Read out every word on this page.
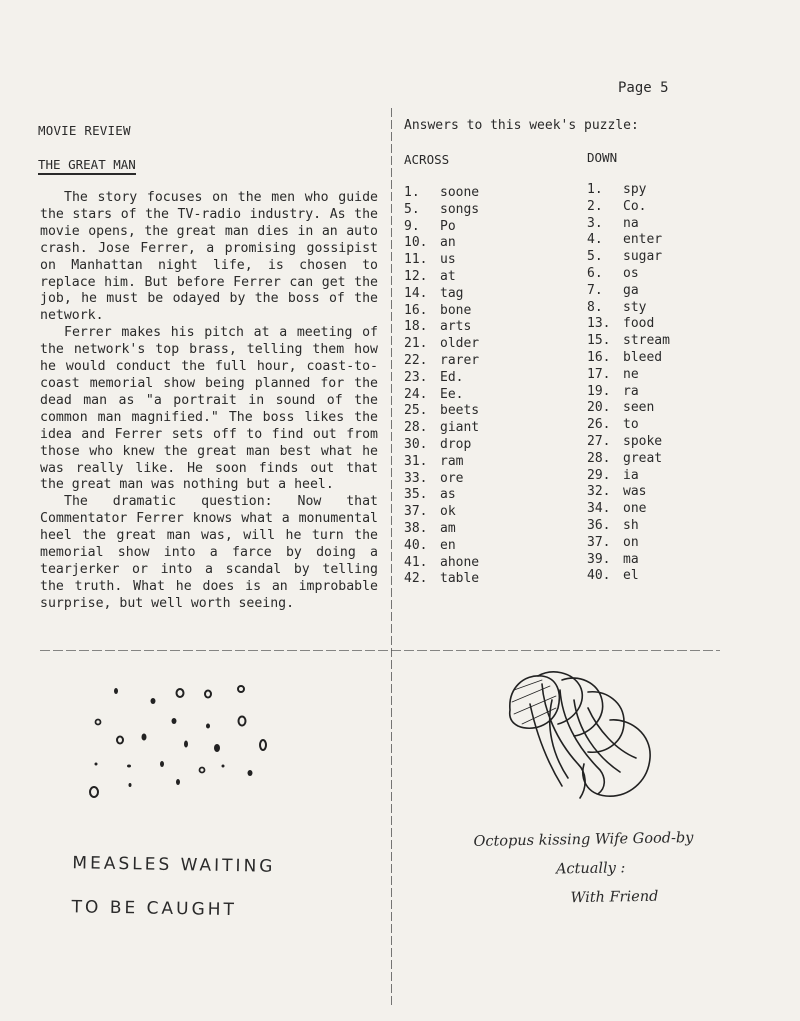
Page 5
MOVIE REVIEW
THE GREAT MAN

The story focuses on the men who guide the stars of the TV-radio industry. As the movie opens, the great man dies in an auto crash. Jose Ferrer, a promising gossipist on Manhattan night life, is chosen to replace him. But before Ferrer can get the job, he must be odayed by the boss of the network.

Ferrer makes his pitch at a meeting of the network's top brass, telling them how he would conduct the full hour, coast-to-coast memorial show being planned for the dead man as "a portrait in sound of the common man magnified." The boss likes the idea and Ferrer sets off to find out from those who knew the great man best what he was really like. He soon finds out that the great man was nothing but a heel.

The dramatic question: Now that Commentator Ferrer knows what a monumental heel the great man was, will he turn the memorial show into a farce by doing a tearjerker or into a scandal by telling the truth. What he does is an improbable surprise, but well worth seeing.

Answers to this week's puzzle:
ACROSS	DOWN
1. soone
5. songs
9. Po
10. an
11. us
12. at
14. tag
16. bone
18. arts
21. older
22. rarer
23. Ed.
24. Ee.
25. beets
28. giant
30. drop
31. ram
33. ore
35. as
37. ok
38. am
40. en
41. ahone
42. table
1. spy
2. Co.
3. na
4. enter
5. sugar
6. os
7. ga
8. sty
13. food
15. stream
16. bleed
17. ne
19. ra
20. seen
26. to
27. spoke
28. great
29. ia
32. was
34. one
36. sh
37. on
39. ma
40. el
MEASLES WAITING
TO BE CAUGHT
Octopus kissing Wife Good-by
Actually :
With Friend
